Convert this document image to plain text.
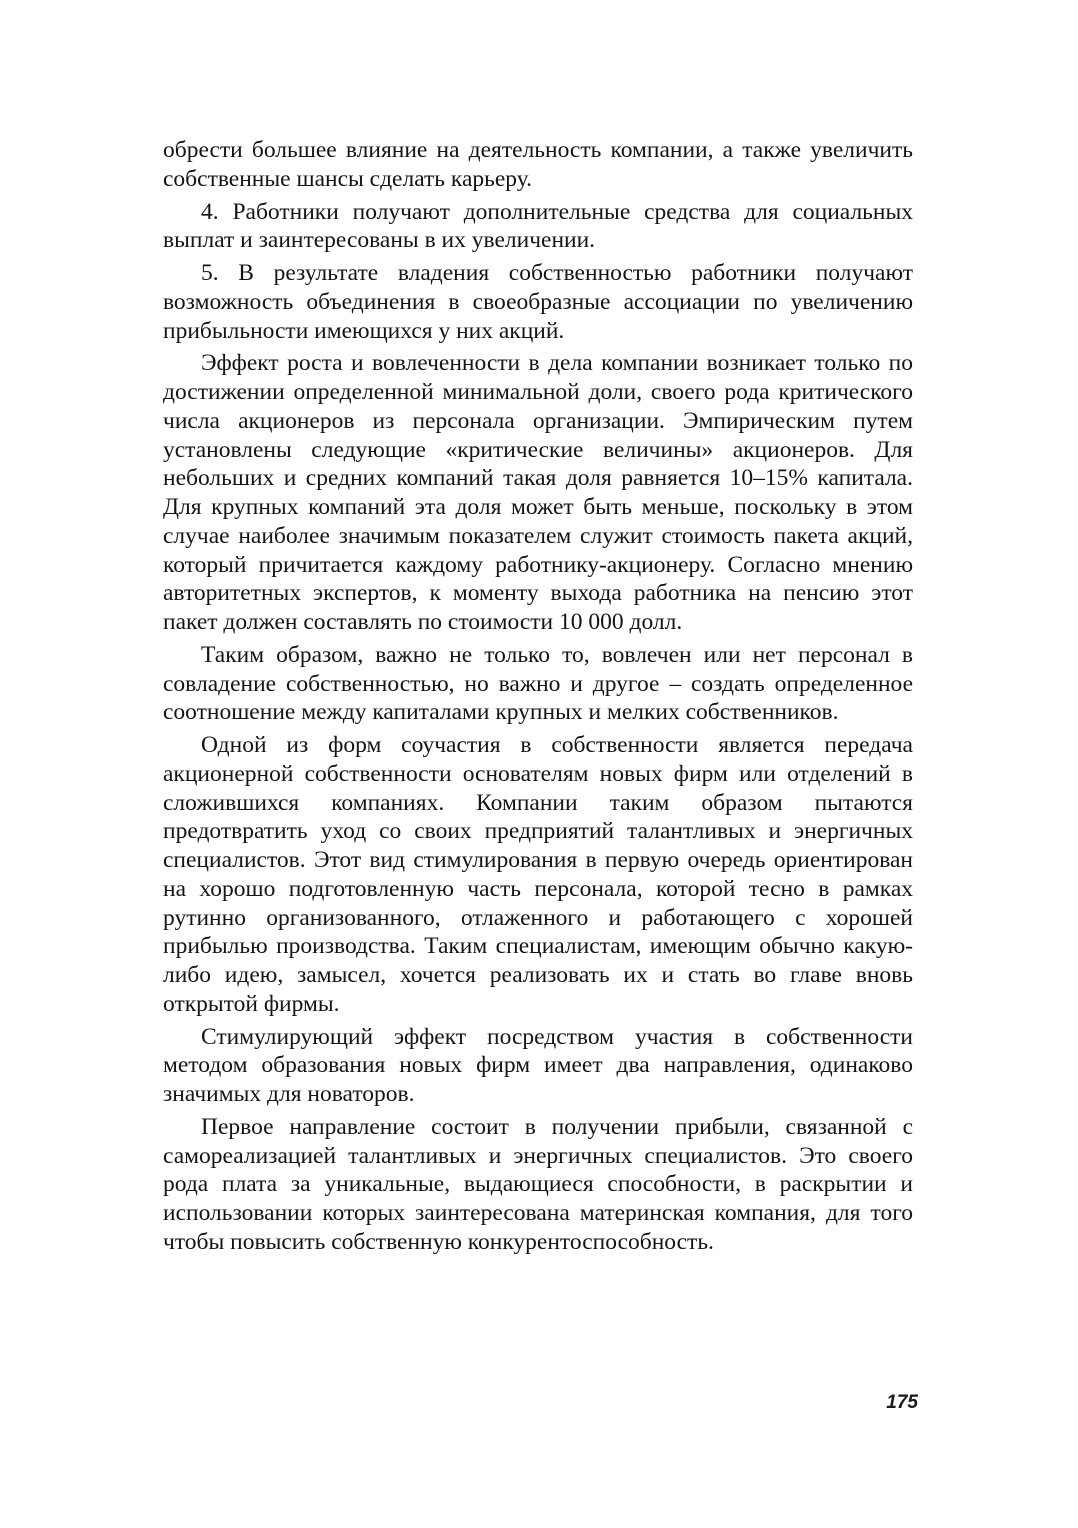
обрести большее влияние на деятельность компании, а также увеличить собственные шансы сделать карьеру.

4. Работники получают дополнительные средства для социальных выплат и заинтересованы в их увеличении.

5. В результате владения собственностью работники получают возможность объединения в своеобразные ассоциации по увеличению прибыльности имеющихся у них акций.

Эффект роста и вовлеченности в дела компании возникает только по достижении определенной минимальной доли, своего рода критического числа акционеров из персонала организации. Эмпирическим путем установлены следующие «критические величины» акционеров. Для небольших и средних компаний такая доля равняется 10–15% капитала. Для крупных компаний эта доля может быть меньше, поскольку в этом случае наиболее значимым показателем служит стоимость пакета акций, который причитается каждому работнику-акционеру. Согласно мнению авторитетных экспертов, к моменту выхода работника на пенсию этот пакет должен составлять по стоимости 10 000 долл.

Таким образом, важно не только то, вовлечен или нет персонал в совладение собственностью, но важно и другое – создать определенное соотношение между капиталами крупных и мелких собственников.

Одной из форм соучастия в собственности является передача акционерной собственности основателям новых фирм или отделений в сложившихся компаниях. Компании таким образом пытаются предотвратить уход со своих предприятий талантливых и энергичных специалистов. Этот вид стимулирования в первую очередь ориентирован на хорошо подготовленную часть персонала, которой тесно в рамках рутинно организованного, отлаженного и работающего с хорошей прибылью производства. Таким специалистам, имеющим обычно какую-либо идею, замысел, хочется реализовать их и стать во главе вновь открытой фирмы.

Стимулирующий эффект посредством участия в собственности методом образования новых фирм имеет два направления, одинаково значимых для новаторов.

Первое направление состоит в получении прибыли, связанной с самореализацией талантливых и энергичных специалистов. Это своего рода плата за уникальные, выдающиеся способности, в раскрытии и использовании которых заинтересована материнская компания, для того чтобы повысить собственную конкурентоспособность.

175
